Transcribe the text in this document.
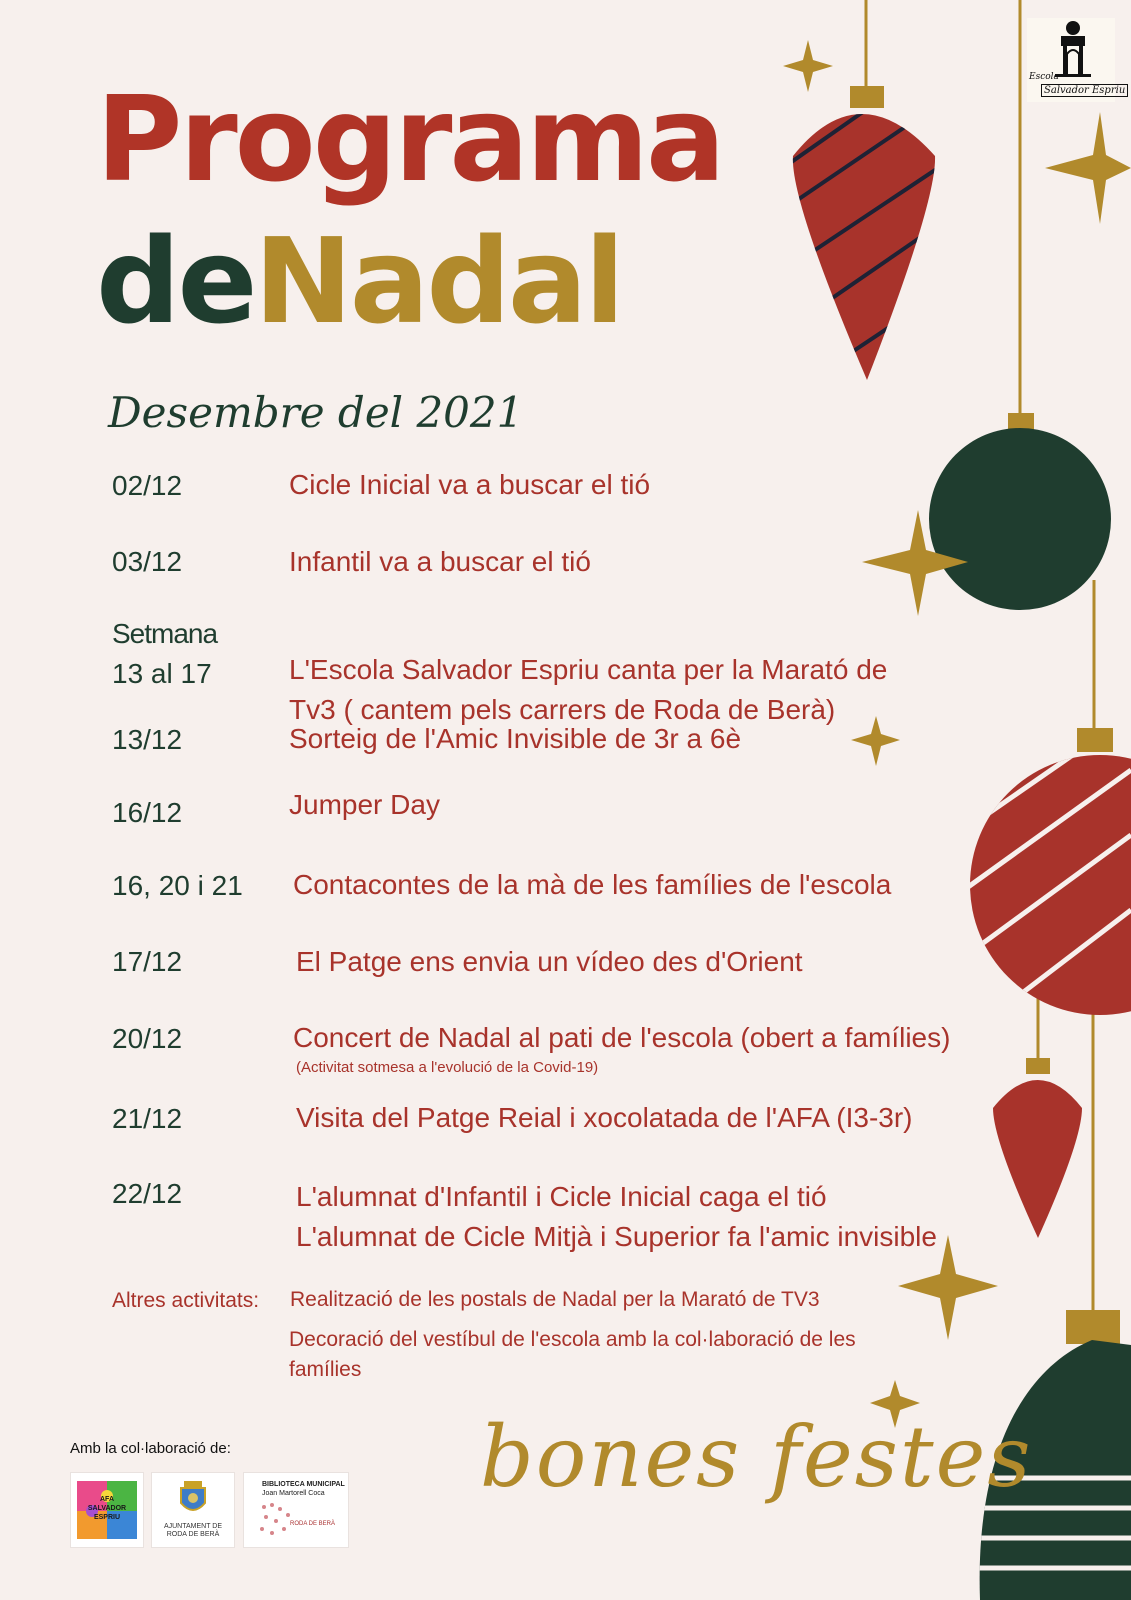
Escola
Salvador Espriu
Programa
de Nadal
Desembre del 2021
02/12	Cicle Inicial va a buscar el tió
03/12	Infantil va a buscar el tió
Setmana
13 al 17	L'Escola Salvador Espriu canta per la Marató de
Tv3 ( cantem pels carrers de Roda de Berà)
13/12	Sorteig de l'Amic Invisible de 3r a 6è
16/12	Jumper Day
16, 20 i 21 Contacontes de la mà de les famílies de l'escola
17/12	El Patge ens envia un vídeo des d'Orient
20/12	Concert de Nadal al pati de l'escola (obert a famílies)
(Activitat sotmesa a l'evolució de la Covid-19)
21/12	Visita del Patge Reial i xocolatada de l'AFA (I3-3r)
22/12	L'alumnat d'Infantil i Cicle Inicial caga el tió
L'alumnat de Cicle Mitjà i Superior fa l'amic invisible
Altres activitats: Realització de les postals de Nadal per la Marató de TV3
Decoració del vestíbul de l'escola amb la col·laboració de les famílies
Amb la col·laboració de:
AFA SALVADOR ESPRIU
AJUNTAMENT DE
RODA DE BERÀ
BIBLIOTECA MUNICIPAL
Joan Martorell Coca
RODA DE BERÀ
bones festes
